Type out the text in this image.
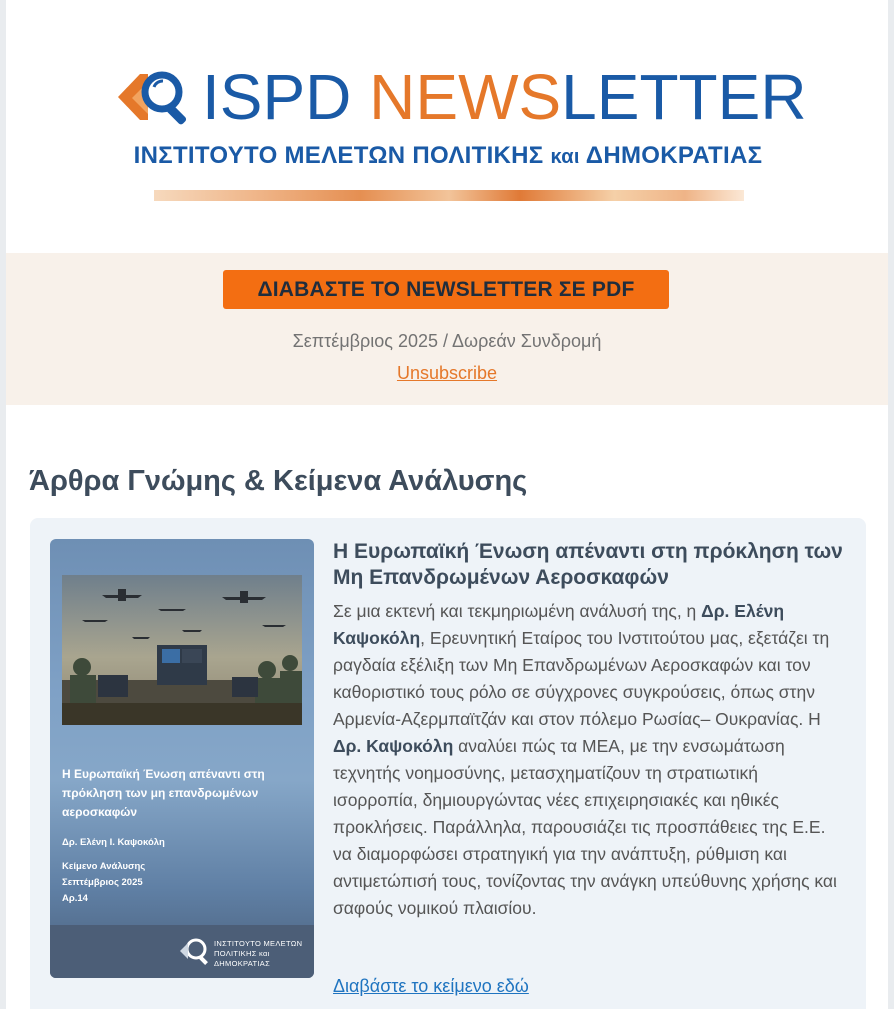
ISPD NEWSLETTER
ΙΝΣΤΙΤΟΥΤΟ ΜΕΛΕΤΩΝ ΠΟΛΙΤΙΚΗΣ και ΔΗΜΟΚΡΑΤΙΑΣ
ΔΙΑΒΑΣΤΕ ΤΟ NEWSLETTER ΣΕ PDF
Σεπτέμβριος 2025 / Δωρεάν Συνδρομή
Unsubscribe
Άρθρα Γνώμης & Κείμενα Ανάλυσης
Η Ευρωπαϊκή Ένωση απέναντι στη πρόκληση των μη επανδρωμένων αεροσκαφών
Δρ. Ελένη Ι. Καψοκόλη
Κείμενο Ανάλυσης
Σεπτέμβριος 2025
Αρ.14
ΙΝΣΤΙΤΟΥΤΟ ΜΕΛΕΤΩΝ
ΠΟΛΙΤΙΚΗΣ και ΔΗΜΟΚΡΑΤΙΑΣ
Η Ευρωπαϊκή Ένωση απέναντι στη πρόκληση των Μη Επανδρωμένων Αεροσκαφών
Σε μια εκτενή και τεκμηριωμένη ανάλυσή της, η Δρ. Ελένη Καψοκόλη, Ερευνητική Εταίρος του Ινστιτούτου μας, εξετάζει τη ραγδαία εξέλιξη των Μη Επανδρωμένων Αεροσκαφών και τον καθοριστικό τους ρόλο σε σύγχρονες συγκρούσεις, όπως στην Αρμενία-Αζερμπαϊτζάν και στον πόλεμο Ρωσίας– Ουκρανίας. Η Δρ. Καψοκόλη αναλύει πώς τα ΜΕΑ, με την ενσωμάτωση τεχνητής νοημοσύνης, μετασχηματίζουν τη στρατιωτική ισορροπία, δημιουργώντας νέες επιχειρησιακές και ηθικές προκλήσεις. Παράλληλα, παρουσιάζει τις προσπάθειες της Ε.Ε. να διαμορφώσει στρατηγική για την ανάπτυξη, ρύθμιση και αντιμετώπισή τους, τονίζοντας την ανάγκη υπεύθυνης χρήσης και σαφούς νομικού πλαισίου.
Διαβάστε το κείμενο εδώ
